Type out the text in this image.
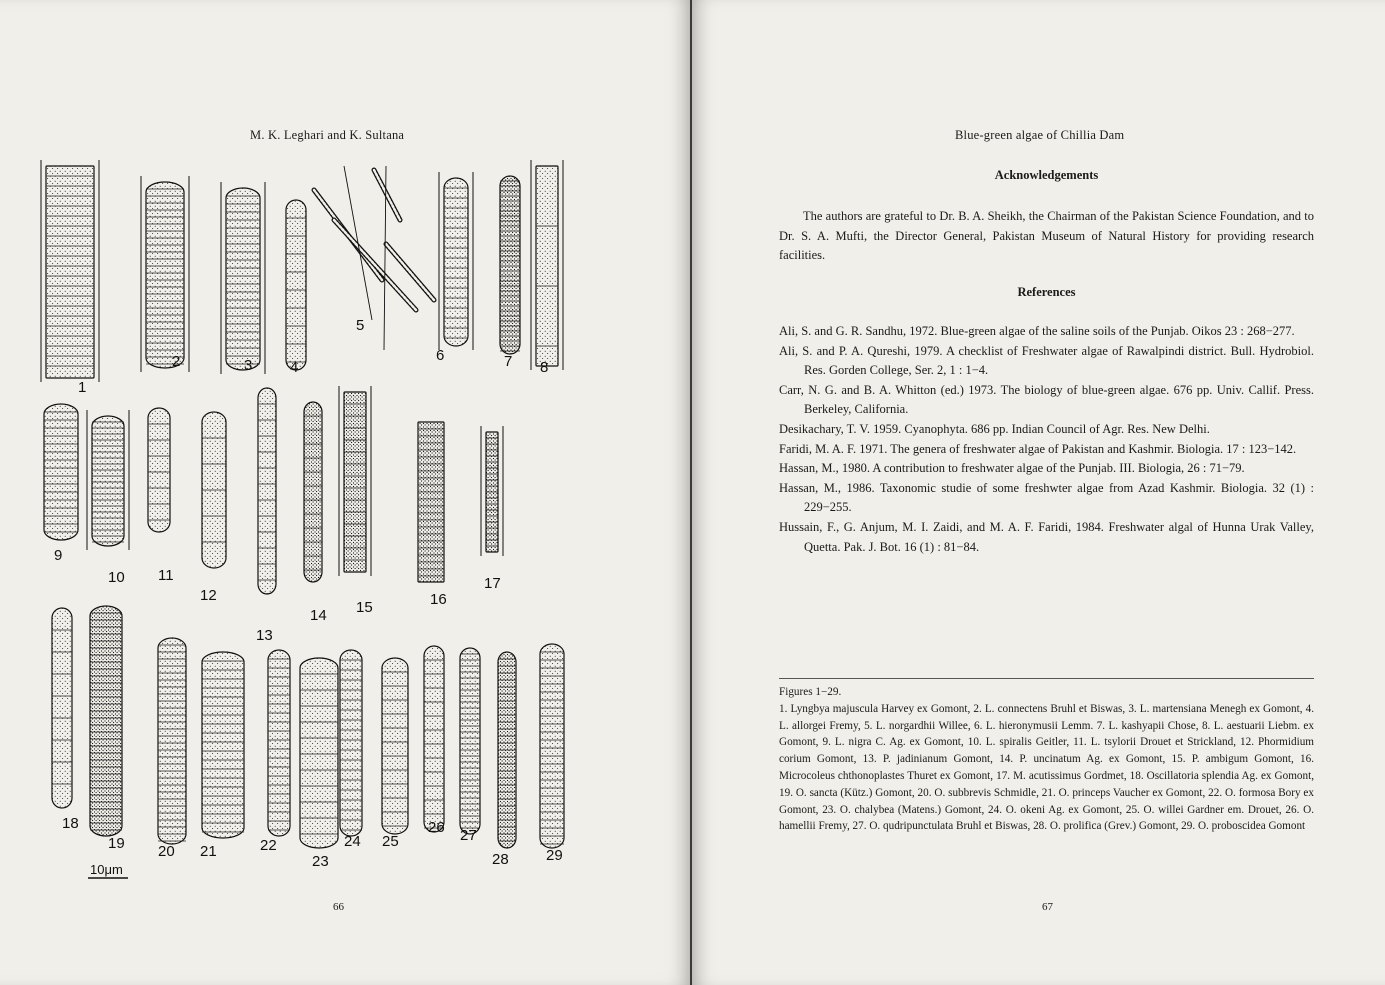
M. K. Leghari and K. Sultana
1
2	3	4
5
6	7 8
9
10 11
12
13
14 15	16
17
18
19 20 21	22
23
24 25
26 27
28 29
10μm
66
Blue-green algae of Chillia Dam
Acknowledgements
The authors are grateful to Dr. B. A. Sheikh, the Chairman of the Pakistan Science Foundation, and to Dr. S. A. Mufti, the Director General, Pakistan Museum of Natural History for providing research facilities.
References
Ali, S. and G. R. Sandhu, 1972. Blue-green algae of the saline soils of the Punjab. Oikos 23 : 268−277.
Ali, S. and P. A. Qureshi, 1979. A checklist of Freshwater algae of Rawalpindi district. Bull. Hydrobiol. Res. Gorden College, Ser. 2, 1 : 1−4.
Carr, N. G. and B. A. Whitton (ed.) 1973. The biology of blue-green algae. 676 pp. Univ. Callif. Press. Berkeley, California.
Desikachary, T. V. 1959. Cyanophyta. 686 pp. Indian Council of Agr. Res. New Delhi.
Faridi, M. A. F. 1971. The genera of freshwater algae of Pakistan and Kashmir. Biologia. 17 : 123−142.
Hassan, M., 1980. A contribution to freshwater algae of the Punjab. III. Biologia, 26 : 71−79.
Hassan, M., 1986. Taxonomic studie of some freshwter algae from Azad Kashmir. Biologia. 32 (1) : 229−255.
Hussain, F., G. Anjum, M. I. Zaidi, and M. A. F. Faridi, 1984. Freshwater algal of Hunna Urak Valley, Quetta. Pak. J. Bot. 16 (1) : 81−84.
Figures 1−29.
1. Lyngbya majuscula Harvey ex Gomont, 2. L. connectens Bruhl et Biswas, 3. L. martensiana Menegh ex Gomont, 4. L. allorgei Fremy, 5. L. norgardhii Willee, 6. L. hieronymusii Lemm. 7. L. kashyapii Chose, 8. L. aestuarii Liebm. ex Gomont, 9. L. nigra C. Ag. ex Gomont, 10. L. spiralis Geitler, 11. L. tsylorii Drouet et Strickland, 12. Phormidium corium Gomont, 13. P. jadinianum Gomont, 14. P. uncinatum Ag. ex Gomont, 15. P. ambigum Gomont, 16. Microcoleus chthonoplastes Thuret ex Gomont, 17. M. acutissimus Gordmet, 18. Oscillatoria splendia Ag. ex Gomont, 19. O. sancta (Kütz.) Gomont, 20. O. subbrevis Schmidle, 21. O. princeps Vaucher ex Gomont, 22. O. formosa Bory ex Gomont, 23. O. chalybea (Matens.) Gomont, 24. O. okeni Ag. ex Gomont, 25. O. willei Gardner em. Drouet, 26. O. hamellii Fremy, 27. O. qudripunctulata Bruhl et Biswas, 28. O. prolifica (Grev.) Gomont, 29. O. proboscidea Gomont
67
